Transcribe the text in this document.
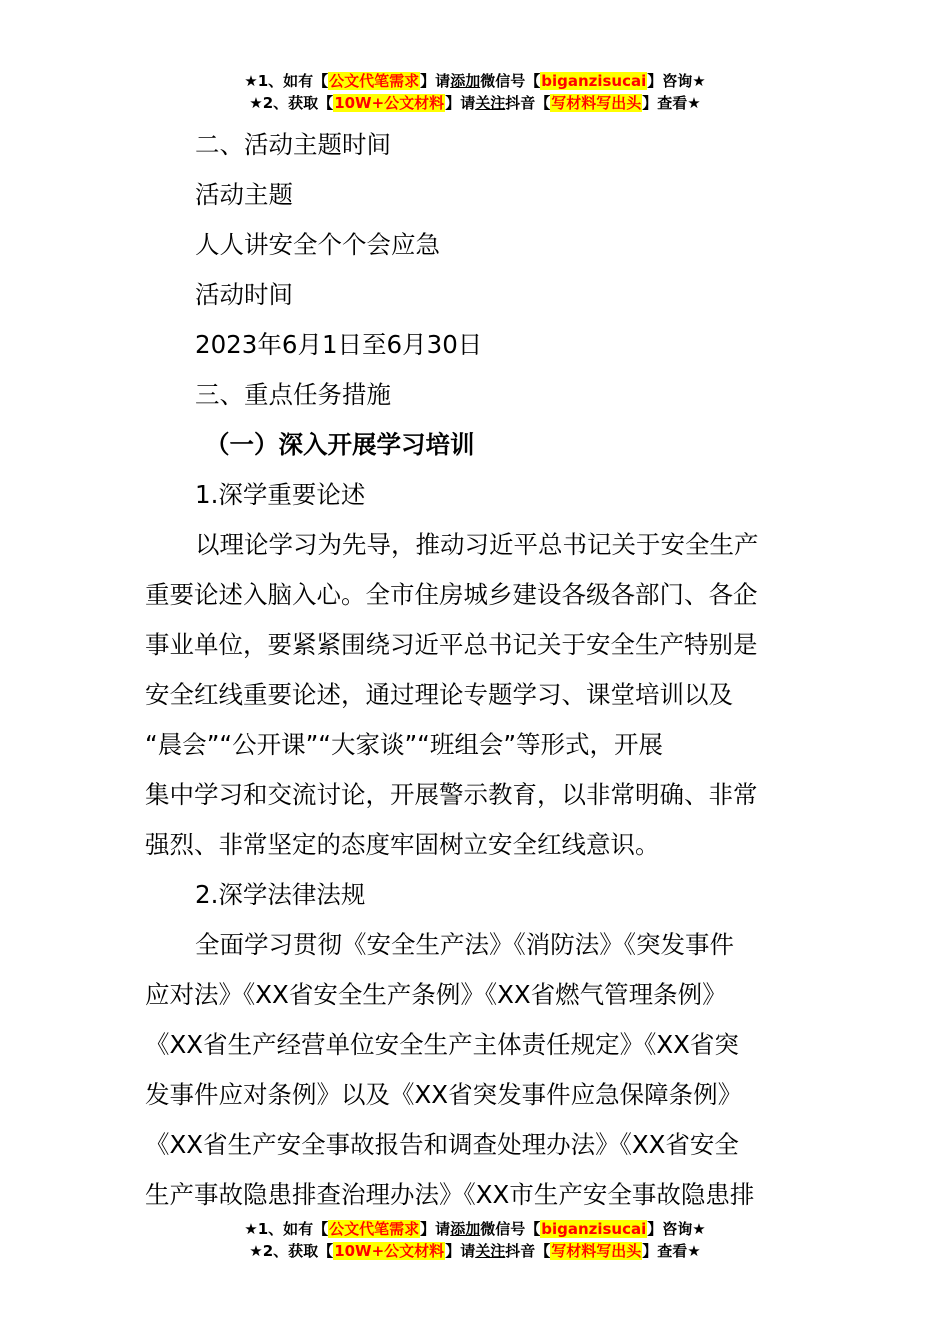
★1、如有【公文代笔需求】请添加微信号【biganzisucai】咨询★
★2、获取【10W+公文材料】请关注抖音【写材料写出头】查看★

二、活动主题时间

活动主题

人人讲安全个个会应急

活动时间

2023年6月1日至6月30日

三、重点任务措施

（一）深入开展学习培训

1.深学重要论述

以理论学习为先导，推动习近平总书记关于安全生产

重要论述入脑入心。全市住房城乡建设各级各部门、各企

事业单位，要紧紧围绕习近平总书记关于安全生产特别是

安全红线重要论述，通过理论专题学习、课堂培训以及

“晨会”“公开课”“大家谈”“班组会”等形式，开展

集中学习和交流讨论，开展警示教育，以非常明确、非常

强烈、非常坚定的态度牢固树立安全红线意识。

2.深学法律法规

全面学习贯彻《安全生产法》《消防法》《突发事件

应对法》《XX省安全生产条例》《XX省燃气管理条例》

《XX省生产经营单位安全生产主体责任规定》《XX省突

发事件应对条例》以及《XX省突发事件应急保障条例》

《XX省生产安全事故报告和调查处理办法》《XX省安全

生产事故隐患排查治理办法》《XX市生产安全事故隐患排

★1、如有【公文代笔需求】请添加微信号【biganzisucai】咨询★
★2、获取【10W+公文材料】请关注抖音【写材料写出头】查看★
